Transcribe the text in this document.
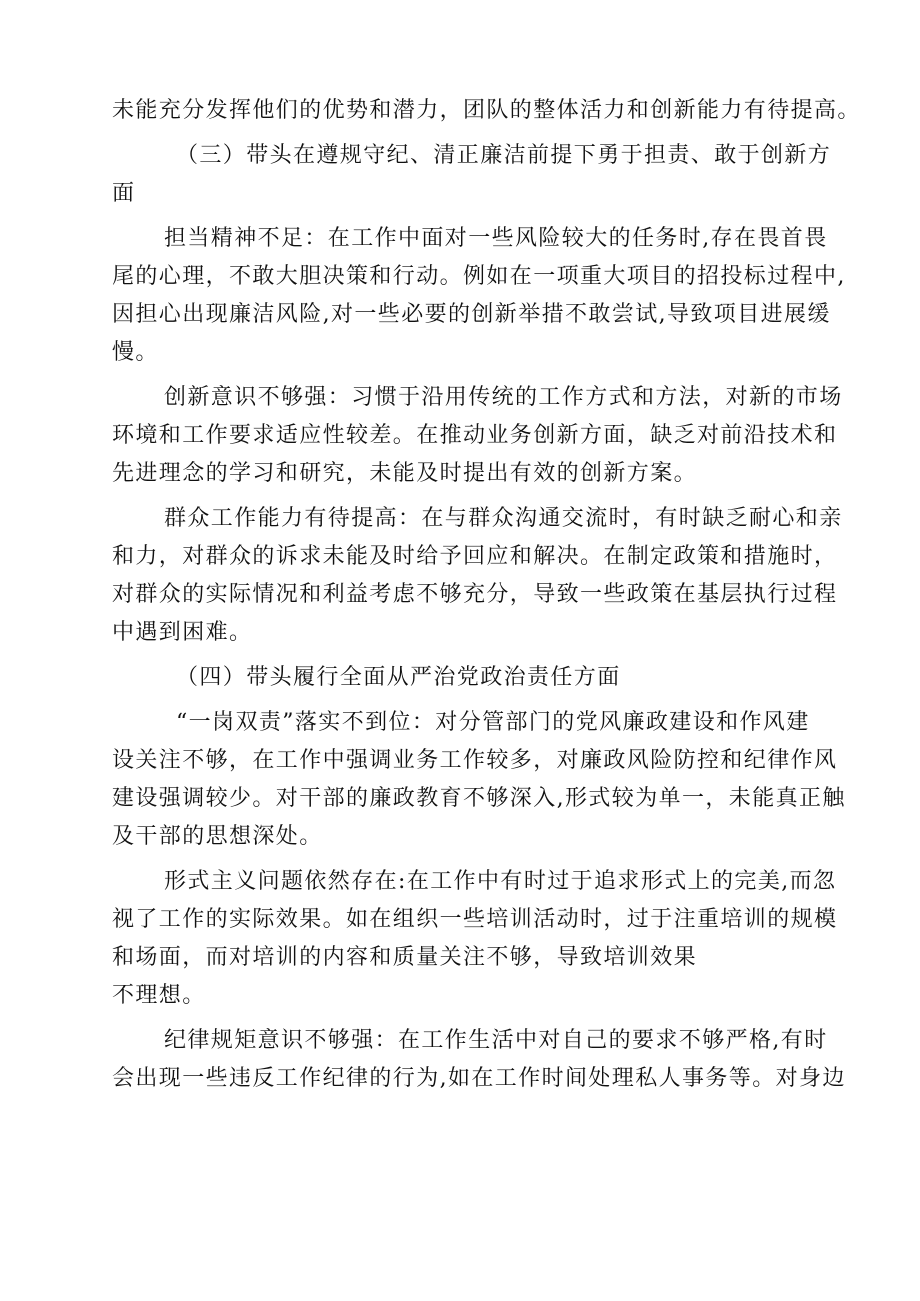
未能充分发挥他们的优势和潜力，团队的整体活力和创新能力有待提高。
（三）带头在遵规守纪、清正廉洁前提下勇于担责、敢于创新方
面
担当精神不足：在工作中面对一些风险较大的任务时,存在畏首畏
尾的心理，不敢大胆决策和行动。例如在一项重大项目的招投标过程中,
因担心出现廉洁风险,对一些必要的创新举措不敢尝试,导致项目进展缓
慢。
创新意识不够强：习惯于沿用传统的工作方式和方法，对新的市场
环境和工作要求适应性较差。在推动业务创新方面，缺乏对前沿技术和
先进理念的学习和研究，未能及时提出有效的创新方案。
群众工作能力有待提高：在与群众沟通交流时，有时缺乏耐心和亲
和力，对群众的诉求未能及时给予回应和解决。在制定政策和措施时，
对群众的实际情况和利益考虑不够充分，导致一些政策在基层执行过程
中遇到困难。
（四）带头履行全面从严治党政治责任方面
“一岗双责”落实不到位：对分管部门的党风廉政建设和作风建
设关注不够，在工作中强调业务工作较多，对廉政风险防控和纪律作风
建设强调较少。对干部的廉政教育不够深入,形式较为单一，未能真正触
及干部的思想深处。
形式主义问题依然存在:在工作中有时过于追求形式上的完美,而忽
视了工作的实际效果。如在组织一些培训活动时，过于注重培训的规模
和场面，而对培训的内容和质量关注不够，导致培训效果
不理想。
纪律规矩意识不够强：在工作生活中对自己的要求不够严格,有时
会出现一些违反工作纪律的行为,如在工作时间处理私人事务等。对身边
